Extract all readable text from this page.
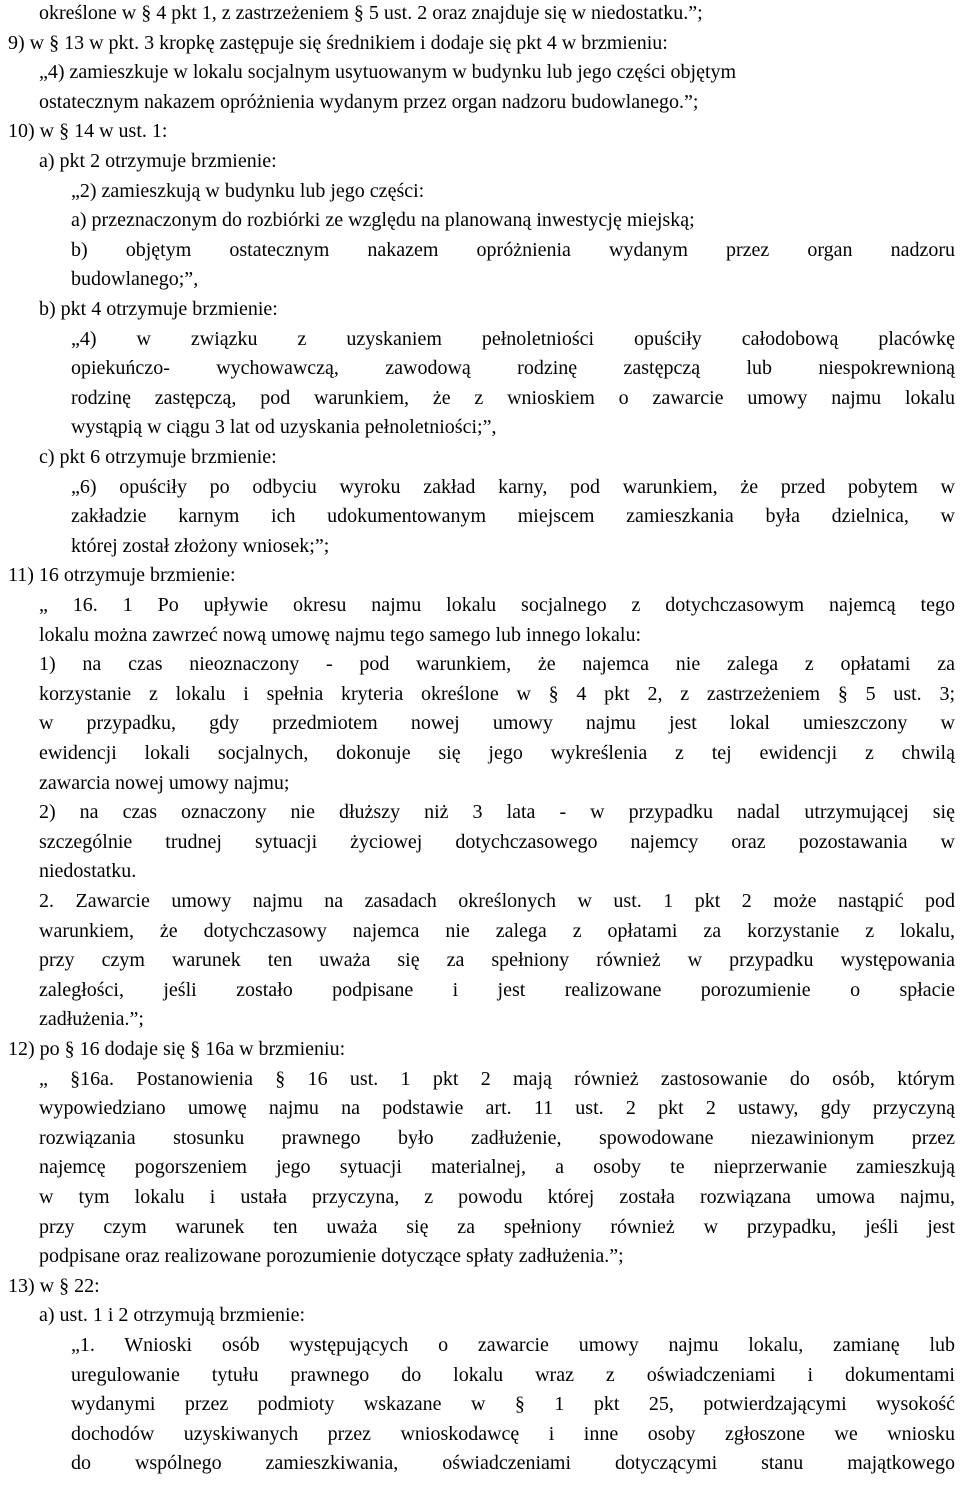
określone w § 4 pkt 1, z zastrzeżeniem § 5 ust. 2 oraz znajduje się w niedostatku.”;
9) w § 13 w pkt. 3 kropkę zastępuje się średnikiem i dodaje się pkt 4 w brzmieniu:
„4) zamieszkuje w lokalu socjalnym usytuowanym w budynku lub jego części objętym
ostatecznym nakazem opróżnienia wydanym przez organ nadzoru budowlanego.”;
10) w § 14 w ust. 1:
a) pkt 2 otrzymuje brzmienie:
„2) zamieszkują w budynku lub jego części:
a) przeznaczonym do rozbiórki ze względu na planowaną inwestycję miejską;
b) objętym ostatecznym nakazem opróżnienia wydanym przez organ nadzoru
budowlanego;”,
b) pkt 4 otrzymuje brzmienie:
„4) w związku z uzyskaniem pełnoletniości opuściły całodobową placówkę
opiekuńczo- wychowawczą, zawodową rodzinę zastępczą lub niespokrewnioną
rodzinę zastępczą, pod warunkiem, że z wnioskiem o zawarcie umowy najmu lokalu
wystąpią w ciągu 3 lat od uzyskania pełnoletniości;”,
c) pkt 6 otrzymuje brzmienie:
„6) opuściły po odbyciu wyroku zakład karny, pod warunkiem, że przed pobytem w
zakładzie karnym ich udokumentowanym miejscem zamieszkania była dzielnica, w
której został złożony wniosek;”;
11) 16 otrzymuje brzmienie:
„ 16. 1 Po upływie okresu najmu lokalu socjalnego z dotychczasowym najemcą tego
lokalu można zawrzeć nową umowę najmu tego samego lub innego lokalu:
1) na czas nieoznaczony - pod warunkiem, że najemca nie zalega z opłatami za
korzystanie z lokalu i spełnia kryteria określone w § 4 pkt 2, z zastrzeżeniem § 5 ust. 3;
w przypadku, gdy przedmiotem nowej umowy najmu jest lokal umieszczony w
ewidencji lokali socjalnych, dokonuje się jego wykreślenia z tej ewidencji z chwilą
zawarcia nowej umowy najmu;
2) na czas oznaczony nie dłuższy niż 3 lata - w przypadku nadal utrzymującej się
szczególnie trudnej sytuacji życiowej dotychczasowego najemcy oraz pozostawania w
niedostatku.
2. Zawarcie umowy najmu na zasadach określonych w ust. 1 pkt 2 może nastąpić pod
warunkiem, że dotychczasowy najemca nie zalega z opłatami za korzystanie z lokalu,
przy czym warunek ten uważa się za spełniony również w przypadku występowania
zaległości, jeśli zostało podpisane i jest realizowane porozumienie o spłacie
zadłużenia.”;
12) po § 16 dodaje się § 16a w brzmieniu:
„ §16a. Postanowienia § 16 ust. 1 pkt 2 mają również zastosowanie do osób, którym
wypowiedziano umowę najmu na podstawie art. 11 ust. 2 pkt 2 ustawy, gdy przyczyną
rozwiązania stosunku prawnego było zadłużenie, spowodowane niezawinionym przez
najemcę pogorszeniem jego sytuacji materialnej, a osoby te nieprzerwanie zamieszkują
w tym lokalu i ustała przyczyna, z powodu której została rozwiązana umowa najmu,
przy czym warunek ten uważa się za spełniony również w przypadku, jeśli jest
podpisane oraz realizowane porozumienie dotyczące spłaty zadłużenia.”;
13) w § 22:
a) ust. 1 i 2 otrzymują brzmienie:
„1. Wnioski osób występujących o zawarcie umowy najmu lokalu, zamianę lub
uregulowanie tytułu prawnego do lokalu wraz z oświadczeniami i dokumentami
wydanymi przez podmioty wskazane w § 1 pkt 25, potwierdzającymi wysokość
dochodów uzyskiwanych przez wnioskodawcę i inne osoby zgłoszone we wniosku
do wspólnego zamieszkiwania, oświadczeniami dotyczącymi stanu majątkowego
